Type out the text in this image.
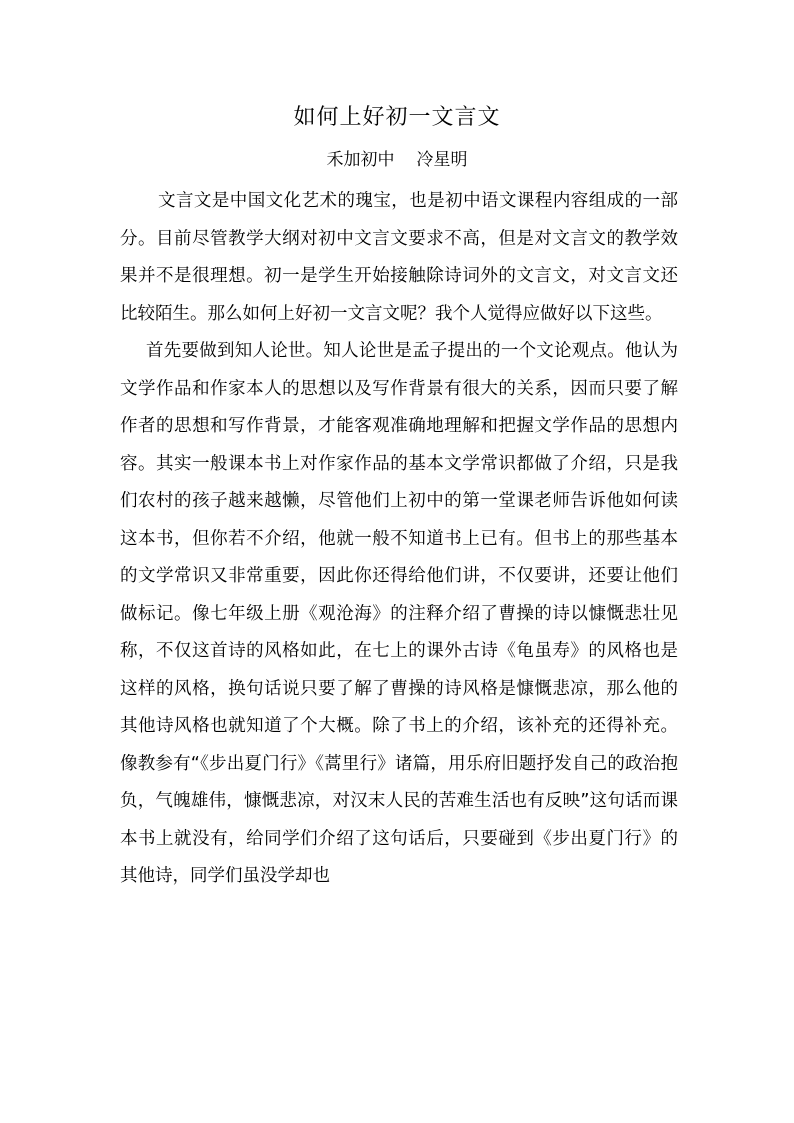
如何上好初一文言文
禾加初中 冷星明

文言文是中国文化艺术的瑰宝，也是初中语文课程内容组成的一部分。目前尽管教学大纲对初中文言文要求不高，但是对文言文的教学效果并不是很理想。初一是学生开始接触除诗词外的文言文，对文言文还比较陌生。那么如何上好初一文言文呢？我个人觉得应做好以下这些。

首先要做到知人论世。知人论世是孟子提出的一个文论观点。他认为文学作品和作家本人的思想以及写作背景有很大的关系，因而只要了解作者的思想和写作背景，才能客观准确地理解和把握文学作品的思想内容。其实一般课本书上对作家作品的基本文学常识都做了介绍，只是我们农村的孩子越来越懒，尽管他们上初中的第一堂课老师告诉他如何读这本书，但你若不介绍，他就一般不知道书上已有。但书上的那些基本的文学常识又非常重要，因此你还得给他们讲，不仅要讲，还要让他们做标记。像七年级上册《观沧海》的注释介绍了曹操的诗以慷慨悲壮见称，不仅这首诗的风格如此，在七上的课外古诗《龟虽寿》的风格也是这样的风格，换句话说只要了解了曹操的诗风格是慷慨悲凉，那么他的其他诗风格也就知道了个大概。除了书上的介绍，该补充的还得补充。像教参有“《步出夏门行》《蒿里行》诸篇，用乐府旧题抒发自己的政治抱负，气魄雄伟，慷慨悲凉，对汉末人民的苦难生活也有反映”这句话而课本书上就没有，给同学们介绍了这句话后，只要碰到《步出夏门行》的其他诗，同学们虽没学却也
